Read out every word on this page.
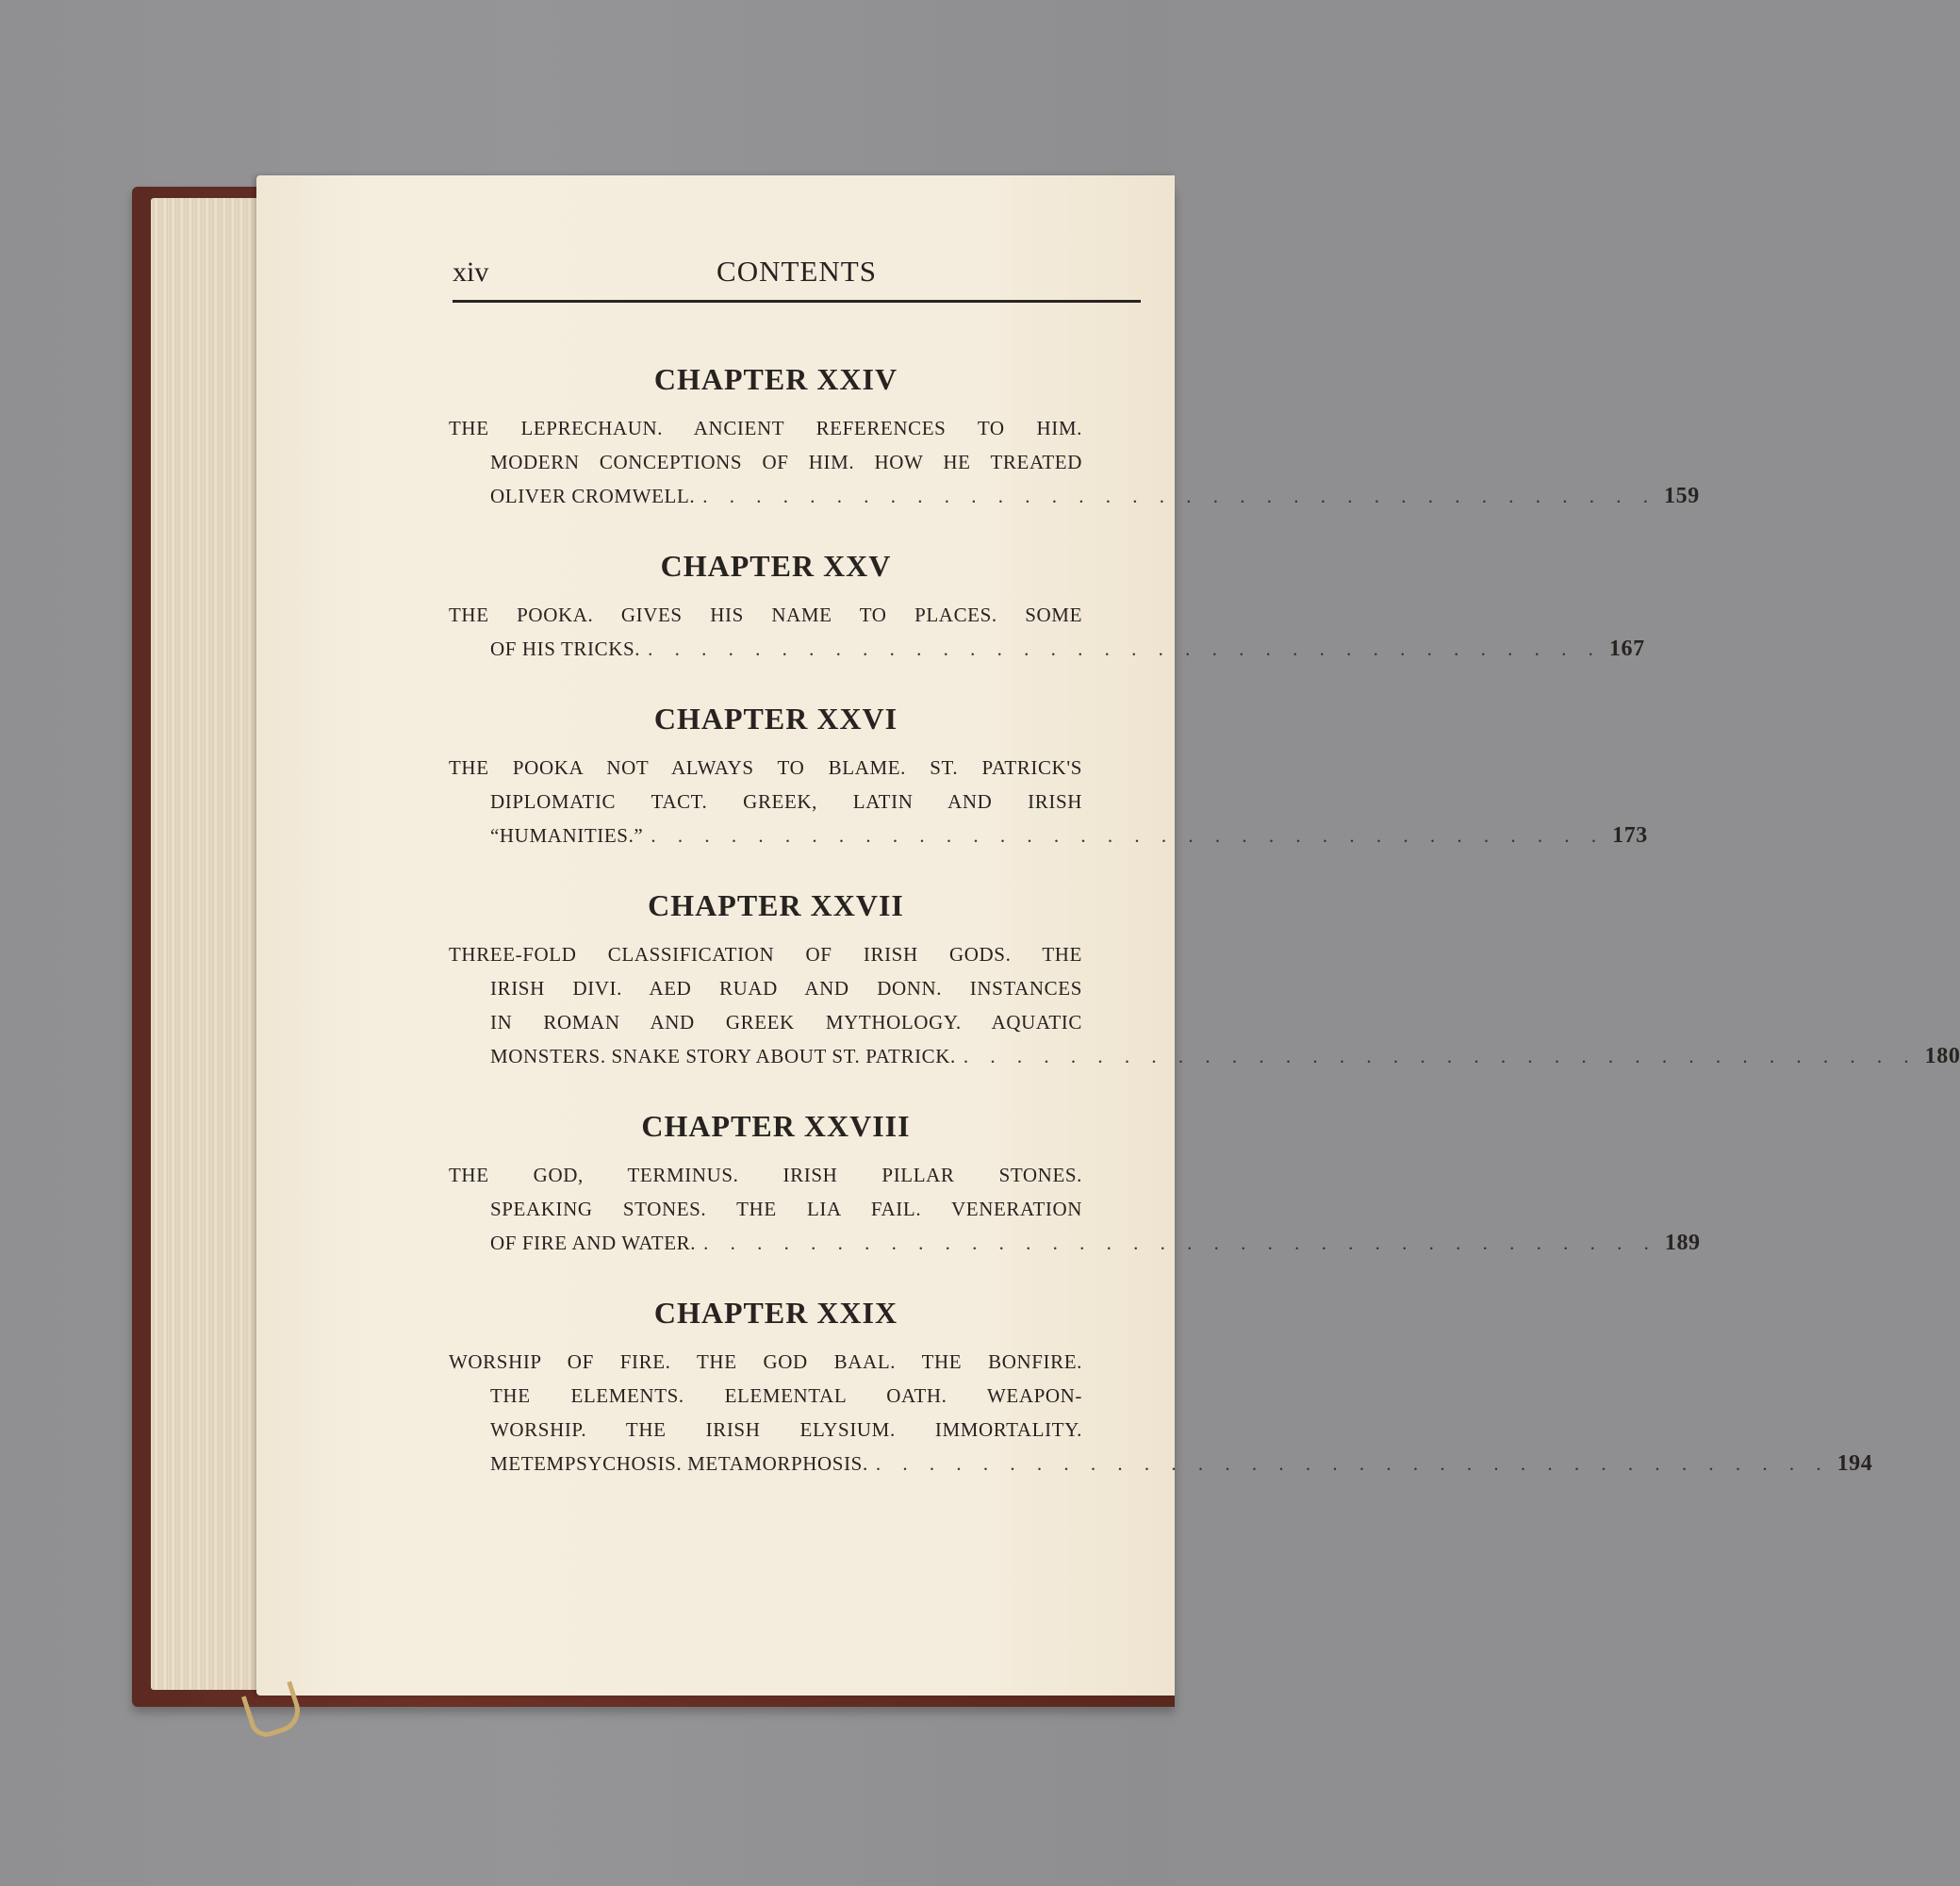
xiv	CONTENTS
CHAPTER XXIV
THE LEPRECHAUN. ANCIENT REFERENCES TO HIM.
MODERN CONCEPTIONS OF HIM. HOW HE TREATED
OLIVER CROMWELL. . . . . . . . . . . . . . . . . . . . . . . . . . . . . . . . . . . . . 159
CHAPTER XXV
THE POOKA. GIVES HIS NAME TO PLACES. SOME
OF HIS TRICKS. . . . . . . . . . . . . . . . . . . . . . . . . . . . . . . . . . . . . 167
CHAPTER XXVI
THE POOKA NOT ALWAYS TO BLAME. ST. PATRICK'S
DIPLOMATIC TACT. GREEK, LATIN AND IRISH
“HUMANITIES.” . . . . . . . . . . . . . . . . . . . . . . . . . . . . . . . . . . . . 173
CHAPTER XXVII
THREE-FOLD CLASSIFICATION OF IRISH GODS. THE
IRISH DIVI. AED RUAD AND DONN. INSTANCES
IN ROMAN AND GREEK MYTHOLOGY. AQUATIC
MONSTERS. SNAKE STORY ABOUT ST. PATRICK. . . . . . . . . . . . . . . . . . . . . . . . . . . . . . . . . . . . . 180
CHAPTER XXVIII
THE GOD, TERMINUS. IRISH PILLAR STONES.
SPEAKING STONES. THE LIA FAIL. VENERATION
OF FIRE AND WATER. . . . . . . . . . . . . . . . . . . . . . . . . . . . . . . . . . . . . 189
CHAPTER XXIX
WORSHIP OF FIRE. THE GOD BAAL. THE BONFIRE.
THE ELEMENTS. ELEMENTAL OATH. WEAPON-
WORSHIP. THE IRISH ELYSIUM. IMMORTALITY.
METEMPSYCHOSIS. METAMORPHOSIS. . . . . . . . . . . . . . . . . . . . . . . . . . . . . . . . . . . . . 194
